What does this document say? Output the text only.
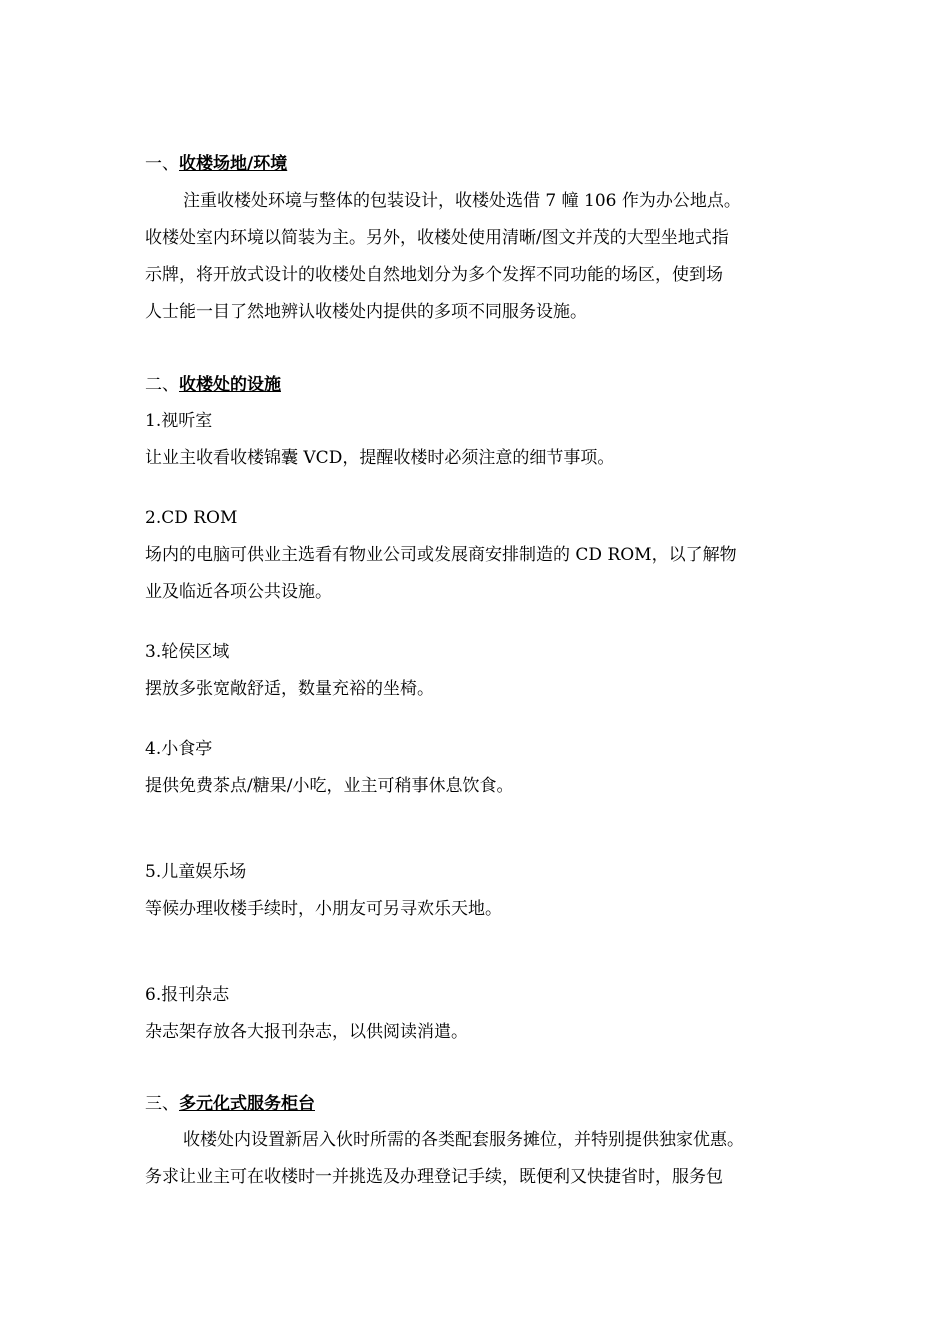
一、收楼场地/环境
注重收楼处环境与整体的包装设计，收楼处选借 7 幢 106 作为办公地点。
收楼处室内环境以简装为主。另外，收楼处使用清晰/图文并茂的大型坐地式指
示牌，将开放式设计的收楼处自然地划分为多个发挥不同功能的场区，使到场
人士能一目了然地辨认收楼处内提供的多项不同服务设施。
二、收楼处的设施
1.视听室
让业主收看收楼锦囊 VCD，提醒收楼时必须注意的细节事项。
2.CD ROM
场内的电脑可供业主选看有物业公司或发展商安排制造的 CD ROM，以了解物
业及临近各项公共设施。
3.轮侯区域
摆放多张宽敞舒适，数量充裕的坐椅。
4.小食亭
提供免费茶点/糖果/小吃，业主可稍事休息饮食。
5.儿童娱乐场
等候办理收楼手续时，小朋友可另寻欢乐天地。
6.报刊杂志
杂志架存放各大报刊杂志，以供阅读消遣。
三、多元化式服务柜台
收楼处内设置新居入伙时所需的各类配套服务摊位，并特别提供独家优惠。
务求让业主可在收楼时一并挑选及办理登记手续，既便利又快捷省时，服务包
